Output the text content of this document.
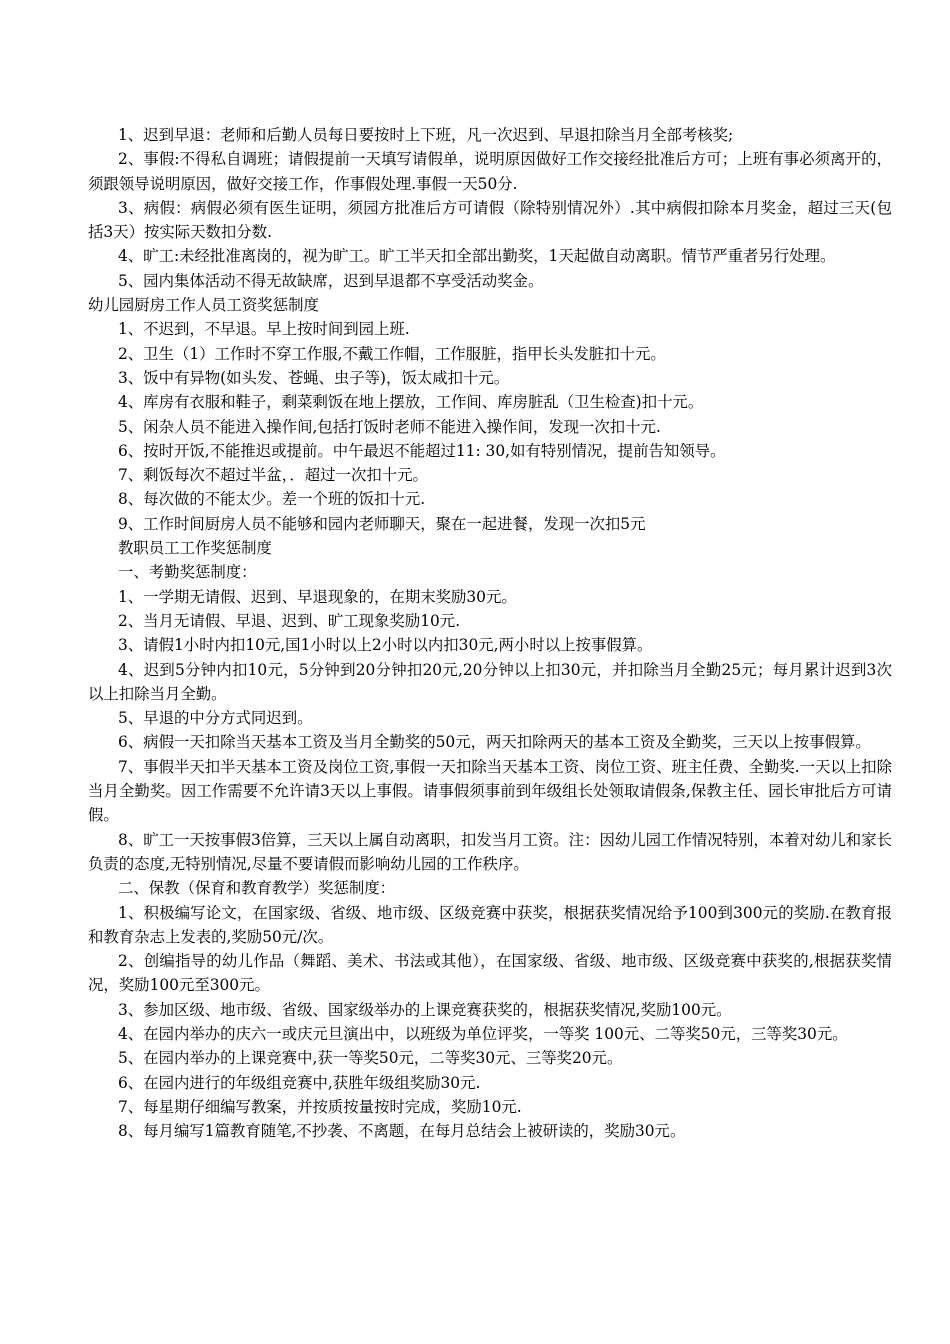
1、迟到早退：老师和后勤人员每日要按时上下班，凡一次迟到、早退扣除当月全部考核奖;

2、事假:不得私自调班；请假提前一天填写请假单，说明原因做好工作交接经批准后方可；上班有事必须离开的，须跟领导说明原因，做好交接工作，作事假处理.事假一天50分.

3、病假：病假必须有医生证明，须园方批准后方可请假（除特别情况外）.其中病假扣除本月奖金，超过三天(包括3天）按实际天数扣分数.

4、旷工:未经批准离岗的，视为旷工。旷工半天扣全部出勤奖，1天起做自动离职。情节严重者另行处理。

5、园内集体活动不得无故缺席，迟到早退都不享受活动奖金。

幼儿园厨房工作人员工资奖惩制度

1、不迟到，不早退。早上按时间到园上班.

2、卫生（1）工作时不穿工作服,不戴工作帽，工作服脏，指甲长头发脏扣十元。

3、饭中有异物(如头发、苍蝇、虫子等)，饭太咸扣十元。

4、库房有衣服和鞋子，剩菜剩饭在地上摆放，工作间、库房脏乱（卫生检查)扣十元。

5、闲杂人员不能进入操作间,包括打饭时老师不能进入操作间，发现一次扣十元.

6、按时开饭,不能推迟或提前。中午最迟不能超过11: 30,如有特别情况，提前告知领导。

7、剩饭每次不超过半盆，．超过一次扣十元。

8、每次做的不能太少。差一个班的饭扣十元.

9、工作时间厨房人员不能够和园内老师聊天，聚在一起进餐，发现一次扣5元

教职员工工作奖惩制度

一、考勤奖惩制度：

1、一学期无请假、迟到、早退现象的，在期末奖励30元。

2、当月无请假、早退、迟到、旷工现象奖励10元.

3、请假1小时内扣10元,国1小时以上2小时以内扣30元,两小时以上按事假算。

4、迟到5分钟内扣10元，5分钟到20分钟扣20元,20分钟以上扣30元，并扣除当月全勤25元；每月累计迟到3次以上扣除当月全勤。

5、早退的中分方式同迟到。

6、病假一天扣除当天基本工资及当月全勤奖的50元，两天扣除两天的基本工资及全勤奖，三天以上按事假算。

7、事假半天扣半天基本工资及岗位工资,事假一天扣除当天基本工资、岗位工资、班主任费、全勤奖.一天以上扣除当月全勤奖。因工作需要不允许请3天以上事假。请事假须事前到年级组长处领取请假条,保教主任、园长审批后方可请假。

8、旷工一天按事假3倍算，三天以上属自动离职，扣发当月工资。注：因幼儿园工作情况特别，本着对幼儿和家长负责的态度,无特别情况,尽量不要请假而影响幼儿园的工作秩序。

二、保教（保育和教育教学）奖惩制度：

1、积极编写论文，在国家级、省级、地市级、区级竞赛中获奖，根据获奖情况给予100到300元的奖励.在教育报和教育杂志上发表的,奖励50元/次。

2、创编指导的幼儿作品（舞蹈、美术、书法或其他），在国家级、省级、地市级、区级竞赛中获奖的,根据获奖情况，奖励100元至300元。

3、参加区级、地市级、省级、国家级举办的上课竞赛获奖的，根据获奖情况,奖励100元。

4、在园内举办的庆六一或庆元旦演出中，以班级为单位评奖，一等奖 100元、二等奖50元，三等奖30元。

5、在园内举办的上课竞赛中,获一等奖50元，二等奖30元、三等奖20元。

6、在园内进行的年级组竞赛中,获胜年级组奖励30元.

7、每星期仔细编写教案，并按质按量按时完成，奖励10元.

8、每月编写1篇教育随笔,不抄袭、不离题，在每月总结会上被研读的，奖励30元。
